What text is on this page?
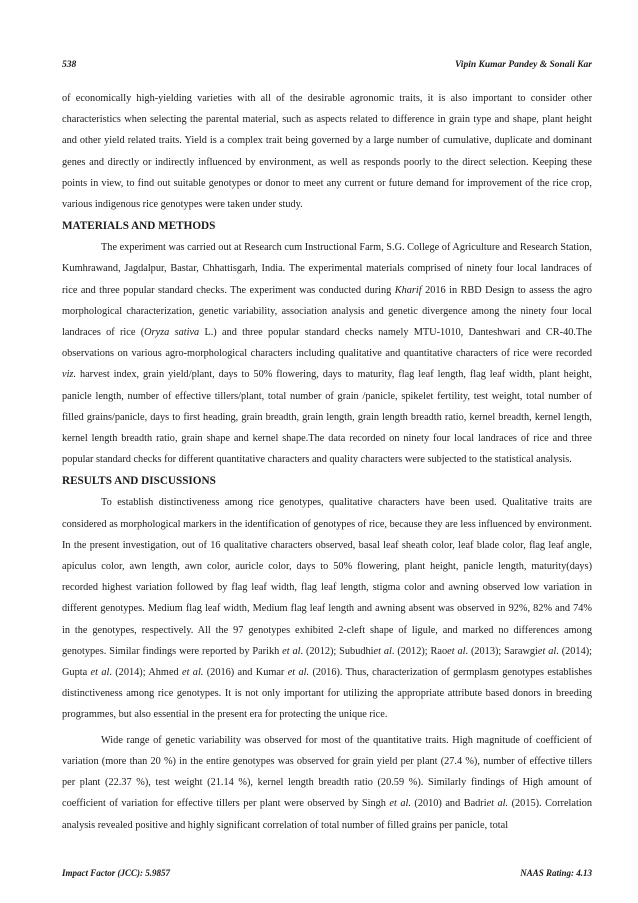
538	Vipin Kumar Pandey & Sonali Kar

of economically high-yielding varieties with all of the desirable agronomic traits, it is also important to consider other characteristics when selecting the parental material, such as aspects related to difference in grain type and shape, plant height and other yield related traits. Yield is a complex trait being governed by a large number of cumulative, duplicate and dominant genes and directly or indirectly influenced by environment, as well as responds poorly to the direct selection. Keeping these points in view, to find out suitable genotypes or donor to meet any current or future demand for improvement of the rice crop, various indigenous rice genotypes were taken under study.

MATERIALS AND METHODS

The experiment was carried out at Research cum Instructional Farm, S.G. College of Agriculture and Research Station, Kumhrawand, Jagdalpur, Bastar, Chhattisgarh, India. The experimental materials comprised of ninety four local landraces of rice and three popular standard checks. The experiment was conducted during Kharif 2016 in RBD Design to assess the agro morphological characterization, genetic variability, association analysis and genetic divergence among the ninety four local landraces of rice (Oryza sativa L.) and three popular standard checks namely MTU-1010, Danteshwari and CR-40.The observations on various agro-morphological characters including qualitative and quantitative characters of rice were recorded viz. harvest index, grain yield/plant, days to 50% flowering, days to maturity, flag leaf length, flag leaf width, plant height, panicle length, number of effective tillers/plant, total number of grain /panicle, spikelet fertility, test weight, total number of filled grains/panicle, days to first heading, grain breadth, grain length, grain length breadth ratio, kernel breadth, kernel length, kernel length breadth ratio, grain shape and kernel shape.The data recorded on ninety four local landraces of rice and three popular standard checks for different quantitative characters and quality characters were subjected to the statistical analysis.

RESULTS AND DISCUSSIONS

To establish distinctiveness among rice genotypes, qualitative characters have been used. Qualitative traits are considered as morphological markers in the identification of genotypes of rice, because they are less influenced by environment. In the present investigation, out of 16 qualitative characters observed, basal leaf sheath color, leaf blade color, flag leaf angle, apiculus color, awn length, awn color, auricle color, days to 50% flowering, plant height, panicle length, maturity(days) recorded highest variation followed by flag leaf width, flag leaf length, stigma color and awning observed low variation in different genotypes. Medium flag leaf width, Medium flag leaf length and awning absent was observed in 92%, 82% and 74% in the genotypes, respectively. All the 97 genotypes exhibited 2-cleft shape of ligule, and marked no differences among genotypes. Similar findings were reported by Parikh et al. (2012); Subudhiet al. (2012); Raoet al. (2013); Sarawgiet al. (2014); Gupta et al. (2014); Ahmed et al. (2016) and Kumar et al. (2016). Thus, characterization of germplasm genotypes establishes distinctiveness among rice genotypes. It is not only important for utilizing the appropriate attribute based donors in breeding programmes, but also essential in the present era for protecting the unique rice.

Wide range of genetic variability was observed for most of the quantitative traits. High magnitude of coefficient of variation (more than 20 %) in the entire genotypes was observed for grain yield per plant (27.4 %), number of effective tillers per plant (22.37 %), test weight (21.14 %), kernel length breadth ratio (20.59 %). Similarly findings of High amount of coefficient of variation for effective tillers per plant were observed by Singh et al. (2010) and Badriet al. (2015). Correlation analysis revealed positive and highly significant correlation of total number of filled grains per panicle, total

Impact Factor (JCC): 5.9857	NAAS Rating: 4.13
